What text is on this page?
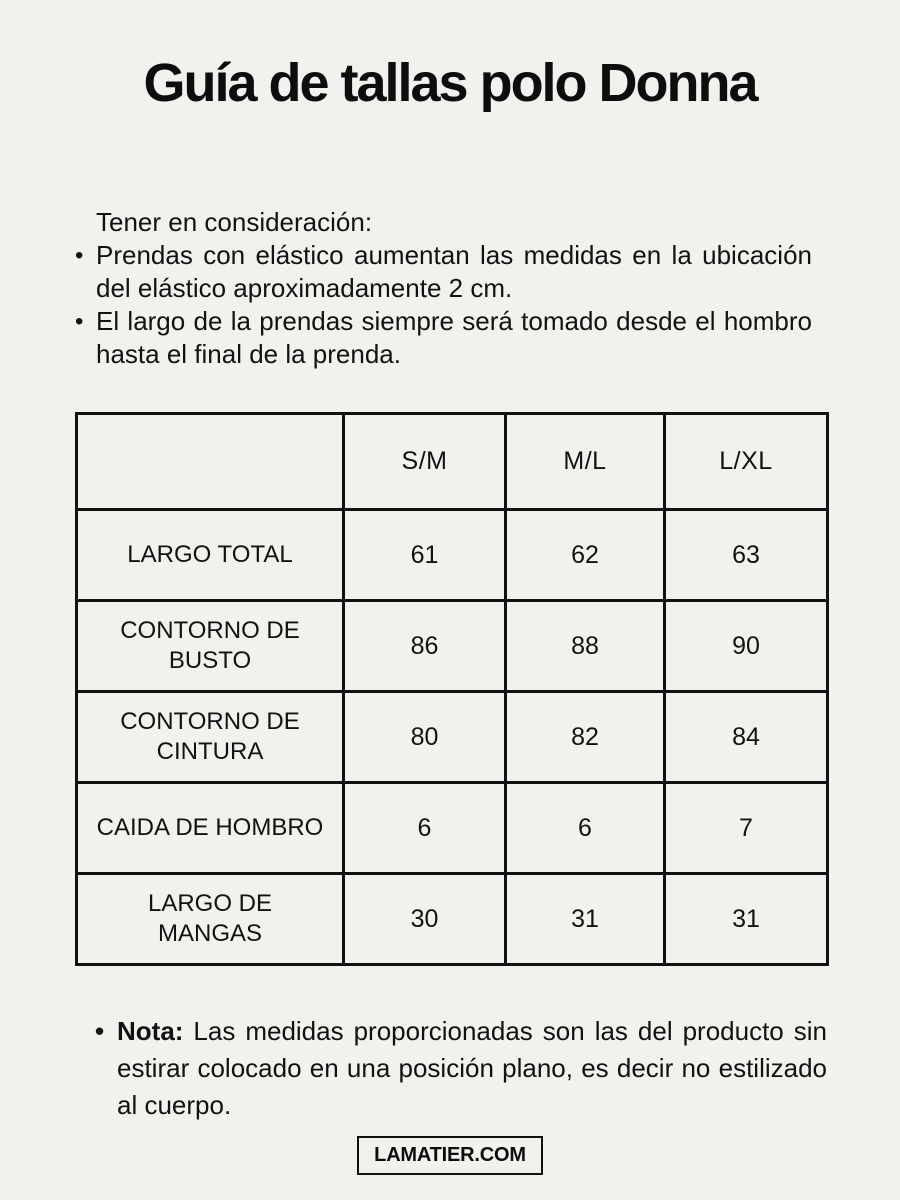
Guía de tallas polo Donna
Tener en consideración:
• Prendas con elástico aumentan las medidas en la ubicación del elástico aproximadamente 2 cm.
• El largo de la prendas siempre será tomado desde el hombro hasta el final de la prenda.
	S/M	M/L	L/XL
LARGO TOTAL	61	62	63
CONTORNO DE BUSTO	86	88	90
CONTORNO DE CINTURA	80	82	84
CAIDA DE HOMBRO	6	6	7
LARGO DE MANGAS	30	31	31
• Nota: Las medidas proporcionadas son las del producto sin estirar colocado en una posición plano, es decir no estilizado al cuerpo.
LAMATIER.COM
